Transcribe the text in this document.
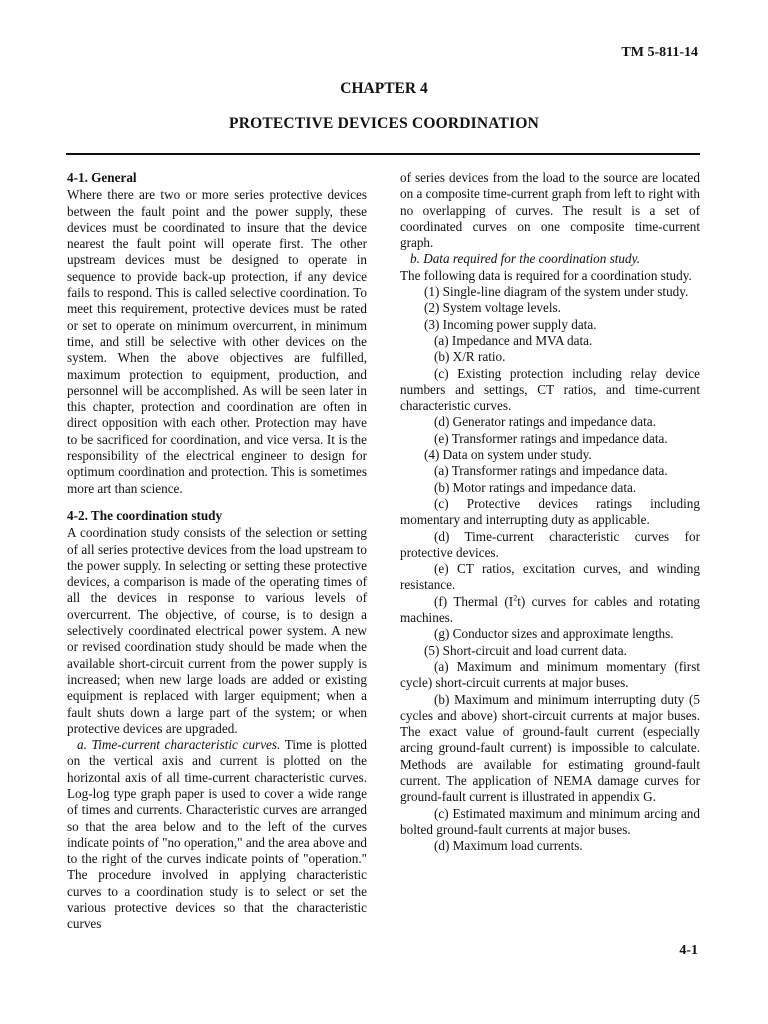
TM 5-811-14
CHAPTER 4
PROTECTIVE DEVICES COORDINATION

4-1. General

Where there are two or more series protective devices between the fault point and the power supply, these devices must be coordinated to insure that the device nearest the fault point will operate first. The other upstream devices must be designed to operate in sequence to provide back-up protection, if any device fails to respond. This is called selective coordination. To meet this requirement, protective devices must be rated or set to operate on minimum overcurrent, in minimum time, and still be selective with other devices on the system. When the above objectives are fulfilled, maximum protection to equipment, production, and personnel will be accomplished. As will be seen later in this chapter, protection and coordination are often in direct opposition with each other. Protection may have to be sacrificed for coordination, and vice versa. It is the responsibility of the electrical engineer to design for optimum coordination and protection. This is sometimes more art than science.

4-2. The coordination study

A coordination study consists of the selection or setting of all series protective devices from the load upstream to the power supply. In selecting or setting these protective devices, a comparison is made of the operating times of all the devices in response to various levels of overcurrent. The objective, of course, is to design a selectively coordinated electrical power system. A new or revised coordination study should be made when the available short-circuit current from the power supply is increased; when new large loads are added or existing equipment is replaced with larger equipment; when a fault shuts down a large part of the system; or when protective devices are upgraded.

a. Time-current characteristic curves. Time is plotted on the vertical axis and current is plotted on the horizontal axis of all time-current characteristic curves. Log-log type graph paper is used to cover a wide range of times and currents. Characteristic curves are arranged so that the area below and to the left of the curves indicate points of "no operation," and the area above and to the right of the curves indicate points of "operation." The procedure involved in applying characteristic curves to a coordination study is to select or set the various protective devices so that the characteristic curves

of series devices from the load to the source are located on a composite time-current graph from left to right with no overlapping of curves. The result is a set of coordinated curves on one composite time-current graph.

b. Data required for the coordination study.

The following data is required for a coordination study.

(1) Single-line diagram of the system under study.

(2) System voltage levels.

(3) Incoming power supply data.

(a) Impedance and MVA data.

(b) X/R ratio.

(c) Existing protection including relay device numbers and settings, CT ratios, and time-current characteristic curves.

(d) Generator ratings and impedance data.

(e) Transformer ratings and impedance data.

(4) Data on system under study.

(a) Transformer ratings and impedance data.

(b) Motor ratings and impedance data.

(c) Protective devices ratings including momentary and interrupting duty as applicable.

(d) Time-current characteristic curves for protective devices.

(e) CT ratios, excitation curves, and winding resistance.

(f) Thermal $(I^2t)$ curves for cables and rotating machines.

(g) Conductor sizes and approximate lengths.

(5) Short-circuit and load current data.

(a) Maximum and minimum momentary (first cycle) short-circuit currents at major buses.

(b) Maximum and minimum interrupting duty (5 cycles and above) short-circuit currents at major buses. The exact value of ground-fault current (especially arcing ground-fault current) is impossible to calculate. Methods are available for estimating ground-fault current. The application of NEMA damage curves for ground-fault current is illustrated in appendix G.

(c) Estimated maximum and minimum arcing and bolted ground-fault currents at major buses.

(d) Maximum load currents.

4-1
